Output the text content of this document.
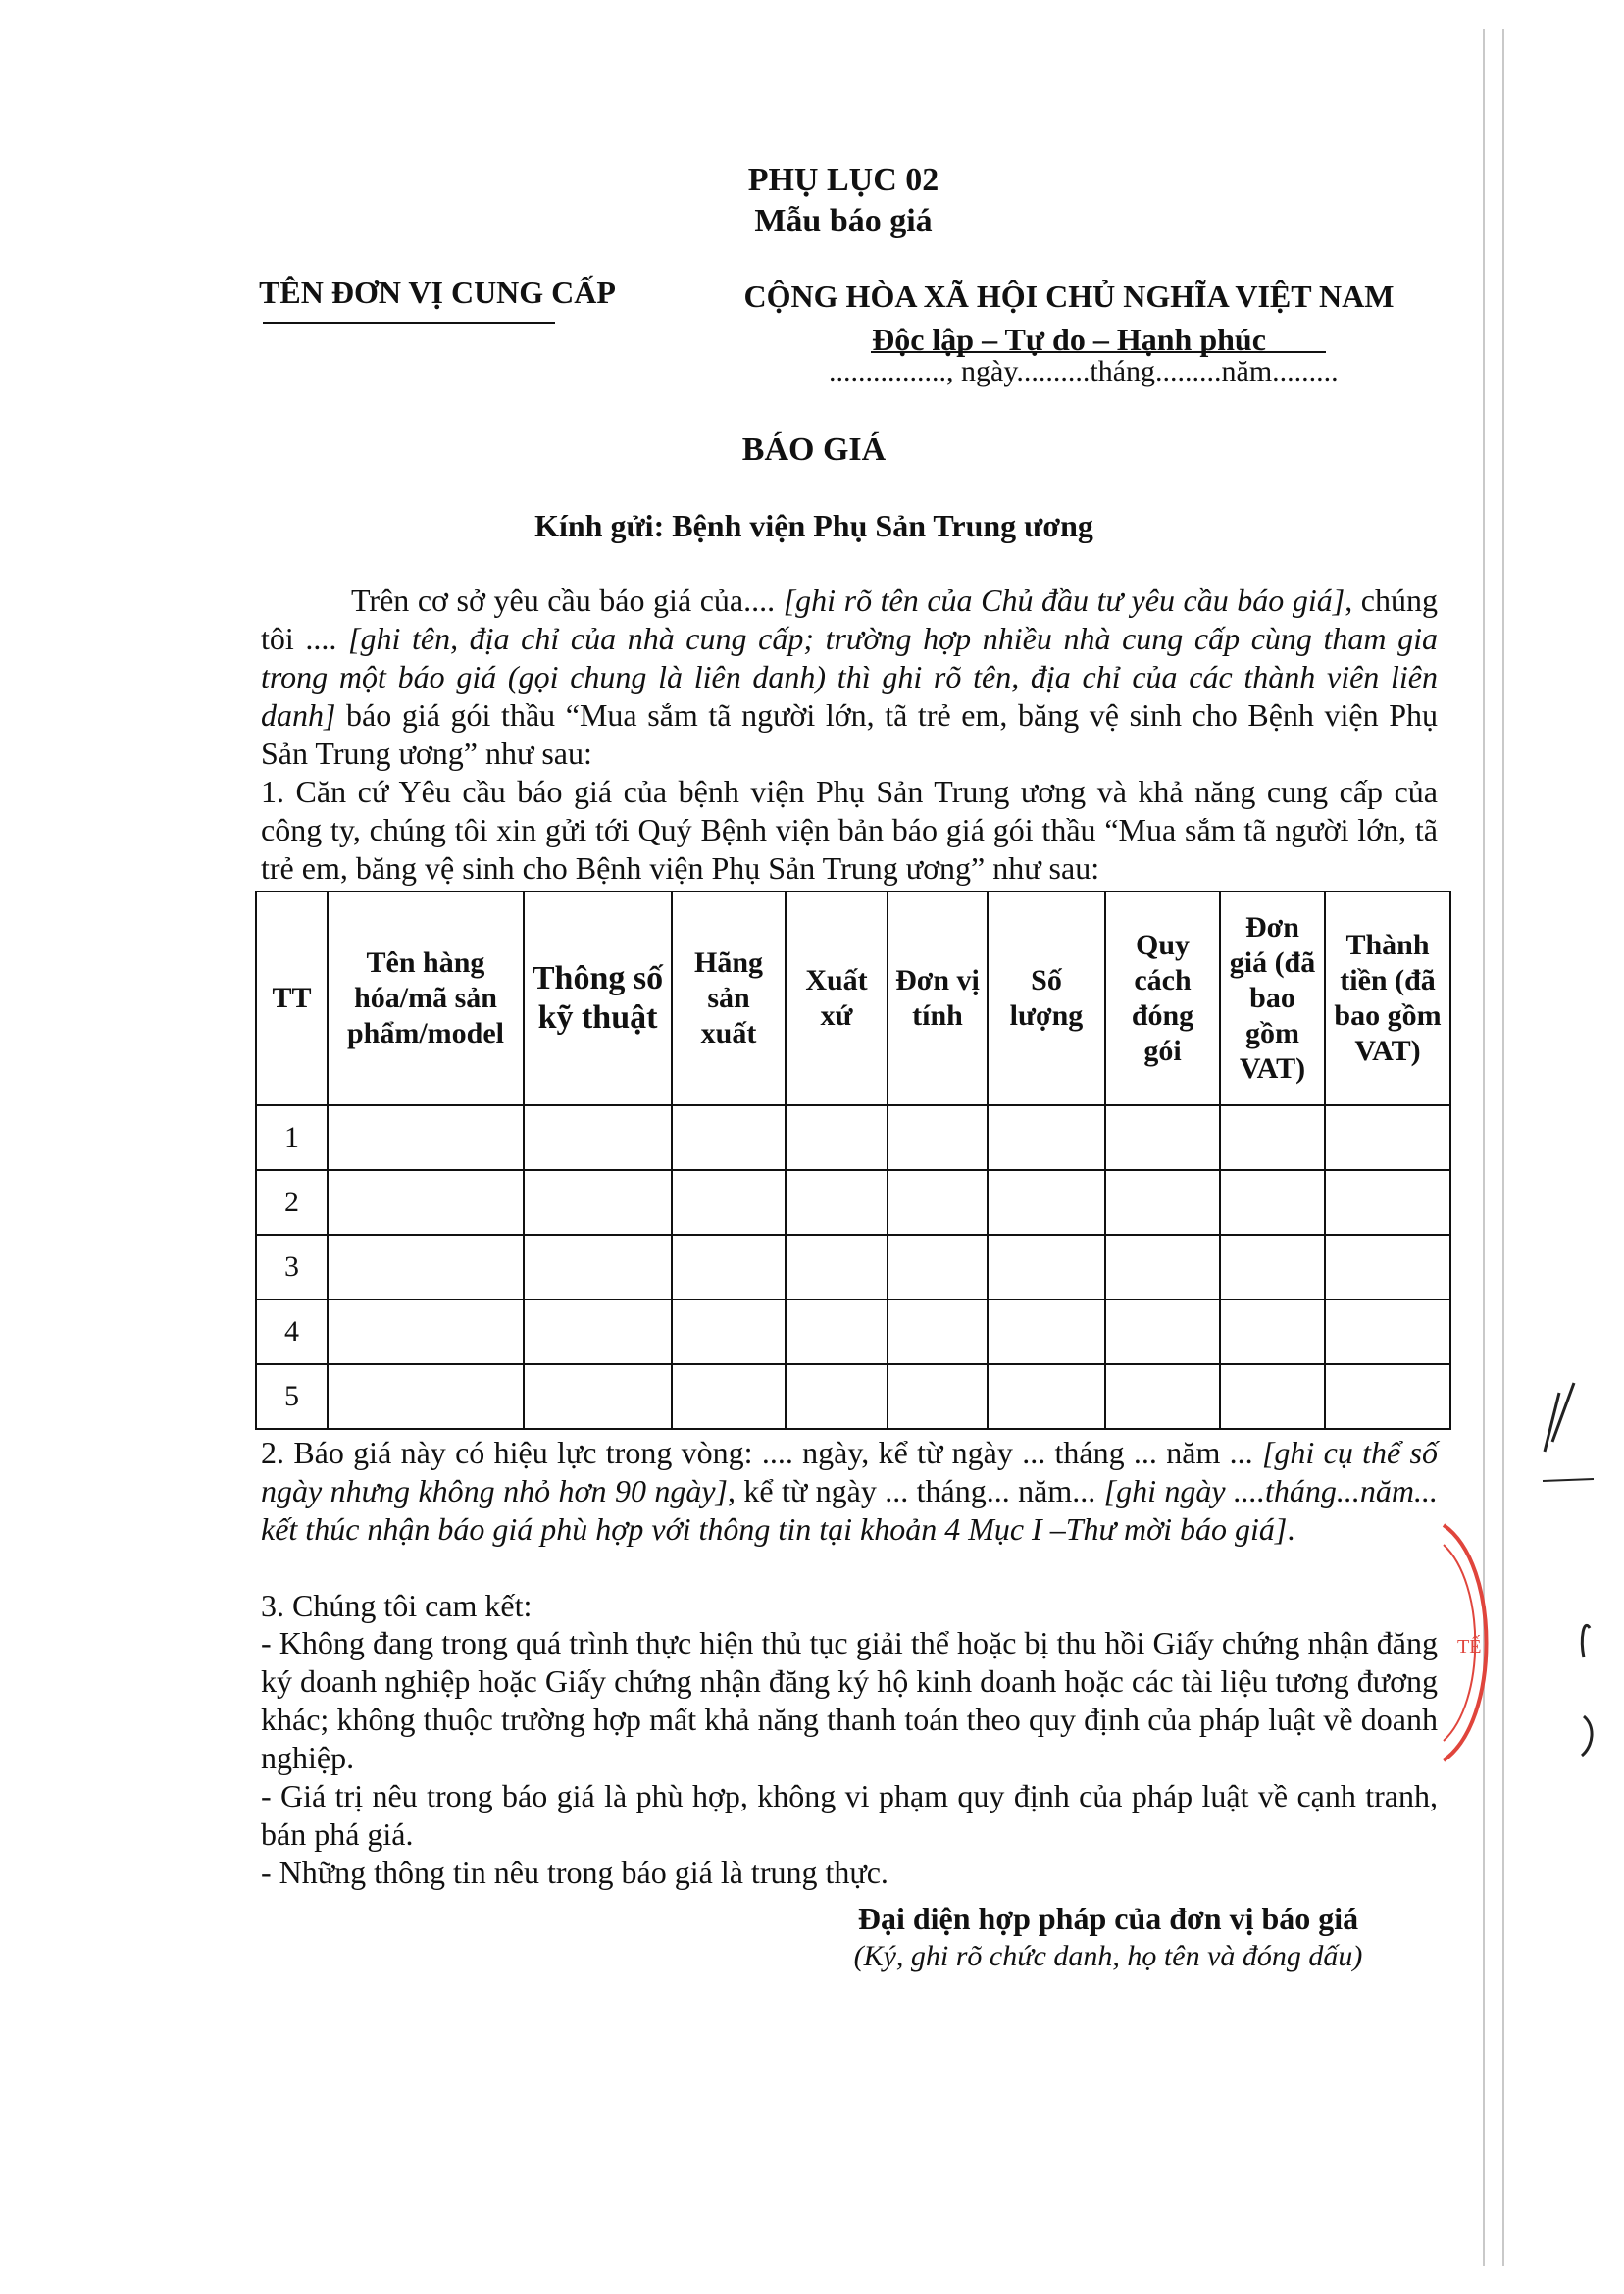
PHỤ LỤC 02
Mẫu báo giá
TÊN ĐƠN VỊ CUNG CẤP	CỘNG HÒA XÃ HỘI CHỦ NGHĨA VIỆT NAM
Độc lập – Tự do – Hạnh phúc
................, ngày..........tháng.........năm.........
BÁO GIÁ
Kính gửi: Bệnh viện Phụ Sản Trung ương
Trên cơ sở yêu cầu báo giá của.... [ghi rõ tên của Chủ đầu tư yêu cầu báo giá], chúng tôi .... [ghi tên, địa chỉ của nhà cung cấp; trường hợp nhiều nhà cung cấp cùng tham gia trong một báo giá (gọi chung là liên danh) thì ghi rõ tên, địa chỉ của các thành viên liên danh] báo giá gói thầu “Mua sắm tã người lớn, tã trẻ em, băng vệ sinh cho Bệnh viện Phụ Sản Trung ương” như sau:
1. Căn cứ Yêu cầu báo giá của bệnh viện Phụ Sản Trung ương và khả năng cung cấp của công ty, chúng tôi xin gửi tới Quý Bệnh viện bản báo giá gói thầu “Mua sắm tã người lớn, tã trẻ em, băng vệ sinh cho Bệnh viện Phụ Sản Trung ương” như sau:
TT	Tên hàng hóa/mã sản phẩm/model	Thông số kỹ thuật	Hãng sản xuất	Xuất xứ	Đơn vị tính	Số lượng	Quy cách đóng gói	Đơn giá (đã bao gồm VAT)	Thành tiền (đã bao gồm VAT)
1									
2									
3									
4									
5									
2. Báo giá này có hiệu lực trong vòng: .... ngày, kể từ ngày ... tháng ... năm ... [ghi cụ thể số ngày nhưng không nhỏ hơn 90 ngày], kể từ ngày ... tháng... năm... [ghi ngày ....tháng...năm... kết thúc nhận báo giá phù hợp với thông tin tại khoản 4 Mục I –Thư mời báo giá].
3. Chúng tôi cam kết:
- Không đang trong quá trình thực hiện thủ tục giải thể hoặc bị thu hồi Giấy chứng nhận đăng ký doanh nghiệp hoặc Giấy chứng nhận đăng ký hộ kinh doanh hoặc các tài liệu tương đương khác; không thuộc trường hợp mất khả năng thanh toán theo quy định của pháp luật về doanh nghiệp.
- Giá trị nêu trong báo giá là phù hợp, không vi phạm quy định của pháp luật về cạnh tranh, bán phá giá.
- Những thông tin nêu trong báo giá là trung thực.
Đại diện hợp pháp của đơn vị báo giá
(Ký, ghi rõ chức danh, họ tên và đóng dấu)
TẾ
